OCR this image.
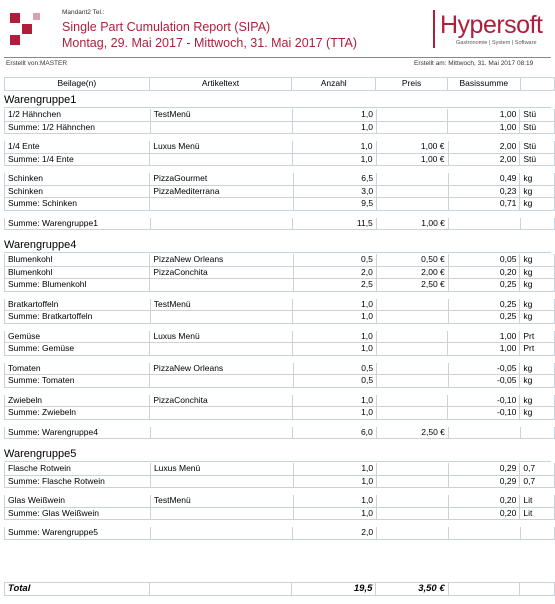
Mandant2 Tel.:
Single Part Cumulation Report (SIPA)
Montag, 29. Mai 2017 - Mittwoch, 31. Mai 2017 (TTA)
Hypersoft
Gastronomie | System | Software
Erstellt von:MASTER	Erstellt am: Mittwoch, 31. Mai 2017 08:19
Beilage(n)	Artikeltext	Anzahl	Preis	Basissumme	
Warengruppe1
1/2 Hähnchen	TestMenü	1,0		1,00	Stü
Summe: 1/2 Hähnchen		1,0		1,00	Stü
1/4 Ente	Luxus Menü	1,0	1,00 €	2,00	Stü
Summe: 1/4 Ente		1,0	1,00 €	2,00	Stü
Schinken	PizzaGourmet	6,5		0,49	kg
Schinken	PizzaMediterrana	3,0		0,23	kg
Summe: Schinken		9,5		0,71	kg
Summe: Warengruppe1		11,5	1,00 €		
Warengruppe4
Blumenkohl	PizzaNew Orleans	0,5	0,50 €	0,05	kg
Blumenkohl	PizzaConchita	2,0	2,00 €	0,20	kg
Summe: Blumenkohl		2,5	2,50 €	0,25	kg
Bratkartoffeln	TestMenü	1,0		0,25	kg
Summe: Bratkartoffeln		1,0		0,25	kg
Gemüse	Luxus Menü	1,0		1,00	Prt
Summe: Gemüse		1,0		1,00	Prt
Tomaten	PizzaNew Orleans	0,5		-0,05	kg
Summe: Tomaten		0,5		-0,05	kg
Zwiebeln	PizzaConchita	1,0		-0,10	kg
Summe: Zwiebeln		1,0		-0,10	kg
Summe: Warengruppe4		6,0	2,50 €		
Warengruppe5
Flasche Rotwein	Luxus Menü	1,0		0,29	0,7
Summe: Flasche Rotwein		1,0		0,29	0,7
Glas Weißwein	TestMenü	1,0		0,20	Lit
Summe: Glas Weißwein		1,0		0,20	Lit
Summe: Warengruppe5		2,0			
Total		19,5	3,50 €		
